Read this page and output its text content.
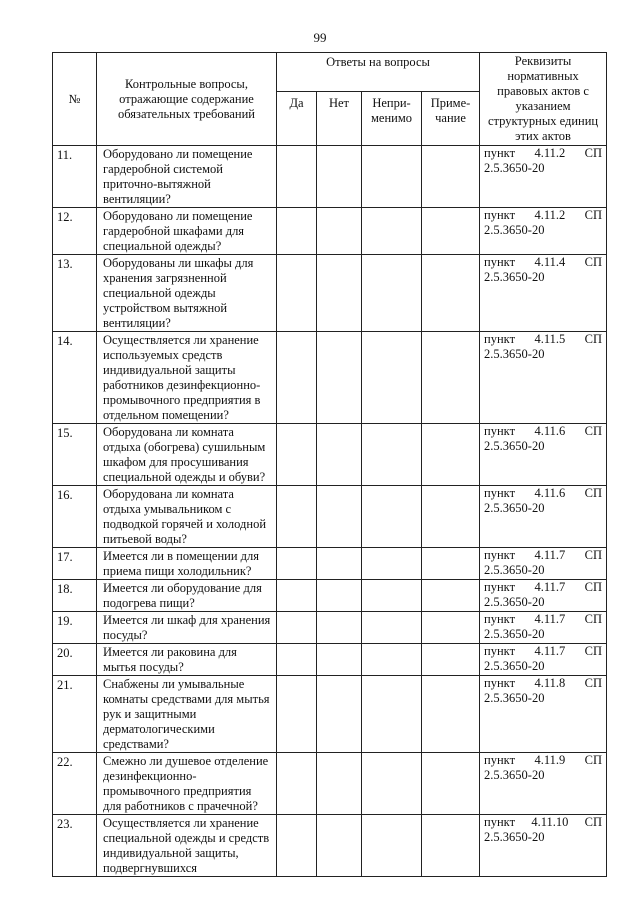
99
№	Контрольные вопросы, отражающие содержание обязательных требований	Ответы на вопросы				Реквизиты нормативных правовых актов с указанием структурных единиц этих актов
		Да	Нет	Непри-менимо	Приме-чание	
11.	Оборудовано ли помещение гардеробной системой приточно-вытяжной вентиляции?					пункт 4.11.2 СП
2.5.3650-20

12.	Оборудовано ли помещение гардеробной шкафами для специальной одежды?					пункт 4.11.2 СП
2.5.3650-20

13.	Оборудованы ли шкафы для хранения загрязненной специальной одежды устройством вытяжной вентиляции?					пункт 4.11.4 СП
2.5.3650-20

14.	Осуществляется ли хранение используемых средств индивидуальной защиты работников дезинфекционно-промывочного предприятия в отдельном помещении?					пункт 4.11.5 СП
2.5.3650-20

15.	Оборудована ли комната отдыха (обогрева) сушильным шкафом для просушивания специальной одежды и обуви?					пункт 4.11.6 СП
2.5.3650-20

16.	Оборудована ли комната отдыха умывальником с подводкой горячей и холодной питьевой воды?					пункт 4.11.6 СП
2.5.3650-20

17.	Имеется ли в помещении для приема пищи холодильник?					пункт 4.11.7 СП
2.5.3650-20

18.	Имеется ли оборудование для подогрева пищи?					пункт 4.11.7 СП
2.5.3650-20

19.	Имеется ли шкаф для хранения посуды?					пункт 4.11.7 СП
2.5.3650-20

20.	Имеется ли раковина для мытья посуды?					пункт 4.11.7 СП
2.5.3650-20

21.	Снабжены ли умывальные комнаты средствами для мытья рук и защитными дерматологическими средствами?					пункт 4.11.8 СП
2.5.3650-20

22.	Смежно ли душевое отделение дезинфекционно-промывочного предприятия для работников с прачечной?					пункт 4.11.9 СП
2.5.3650-20

23.	Осуществляется ли хранение специальной одежды и средств индивидуальной защиты, подвергнувшихся					пункт 4.11.10 СП
2.5.3650-20
